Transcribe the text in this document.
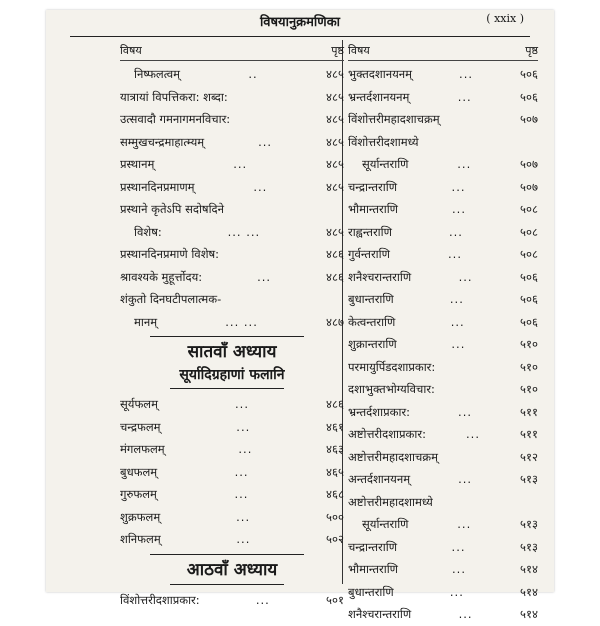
विषयानुक्रमणिका	( xxix )
विषय	पृष्ठ
निष्फलत्वम्	..	४८५
यात्रायां विपत्तिकरा: शब्दा:	४८५
उत्सवादौ गमनागमनविचार:	४८५
सम्मुखचन्द्रमाहात्म्यम्	...	४८५
प्रस्थानम्	...	४८५
प्रस्थानदिनप्रमाणम्	...	४८५
प्रस्थाने कृतेऽपि सदोषदिने
विशेष:	... ...	४८५
प्रस्थानदिनप्रमाणे विशेष:	४८६
श्रावश्यके मुहूर्त्तोदय:	...	४८६
शंकुतो दिनघटीपलात्मक-
मानम्	... ...	४८७
सातवाँ अध्याय
सूर्यादिग्रहाणां फलानि
सूर्यफलम्	...	४८६
चन्द्रफलम्	...	४६१
मंगलफलम्	...	४६३
बुधफलम्	...	४६५
गुरुफलम्	...	४६८
शुक्रफलम्	...	५००
शनिफलम्	...	५०२
आठवाँ अध्याय
विंशोत्तरीदशाप्रकार:	...	५०१
विषय	पृष्ठ
भुक्तदशानयनम्	...	५०६
भ्रन्तर्दशानयनम्	...	५०६
विंशोत्तरीमहादशाचक्रम्	५०७
विंशोत्तरीदशामध्ये
सूर्यान्तराणि	...	५०७
चन्द्रान्तराणि	...	५०७
भौमान्तराणि	...	५०८
राह्वन्तराणि	...	५०८
गुर्वन्तराणि	...	५०८
शनैश्चरान्तराणि	...	५०६
बुधान्तराणि	...	५०६
केत्वन्तराणि	...	५०६
शुक्रान्तराणि	...	५१०
परमायुर्पिडदशाप्रकार:	५१०
दशाभुक्तभोग्यविचार:	५१०
भ्रन्तर्दशाप्रकार:	...	५११
अष्टोत्तरीदशाप्रकार:	...	५११
अष्टोत्तरीमहादशाचक्रम्	५१२
अन्तर्दशानयनम्	...	५१३
अष्टोत्तरीमहादशामध्ये
सूर्यान्तराणि	...	५१३
चन्द्रान्तराणि	...	५१३
भौमान्तराणि	...	५१४
बुधान्तराणि	...	५१४
शनैश्चरान्तराणि	...	५१४
